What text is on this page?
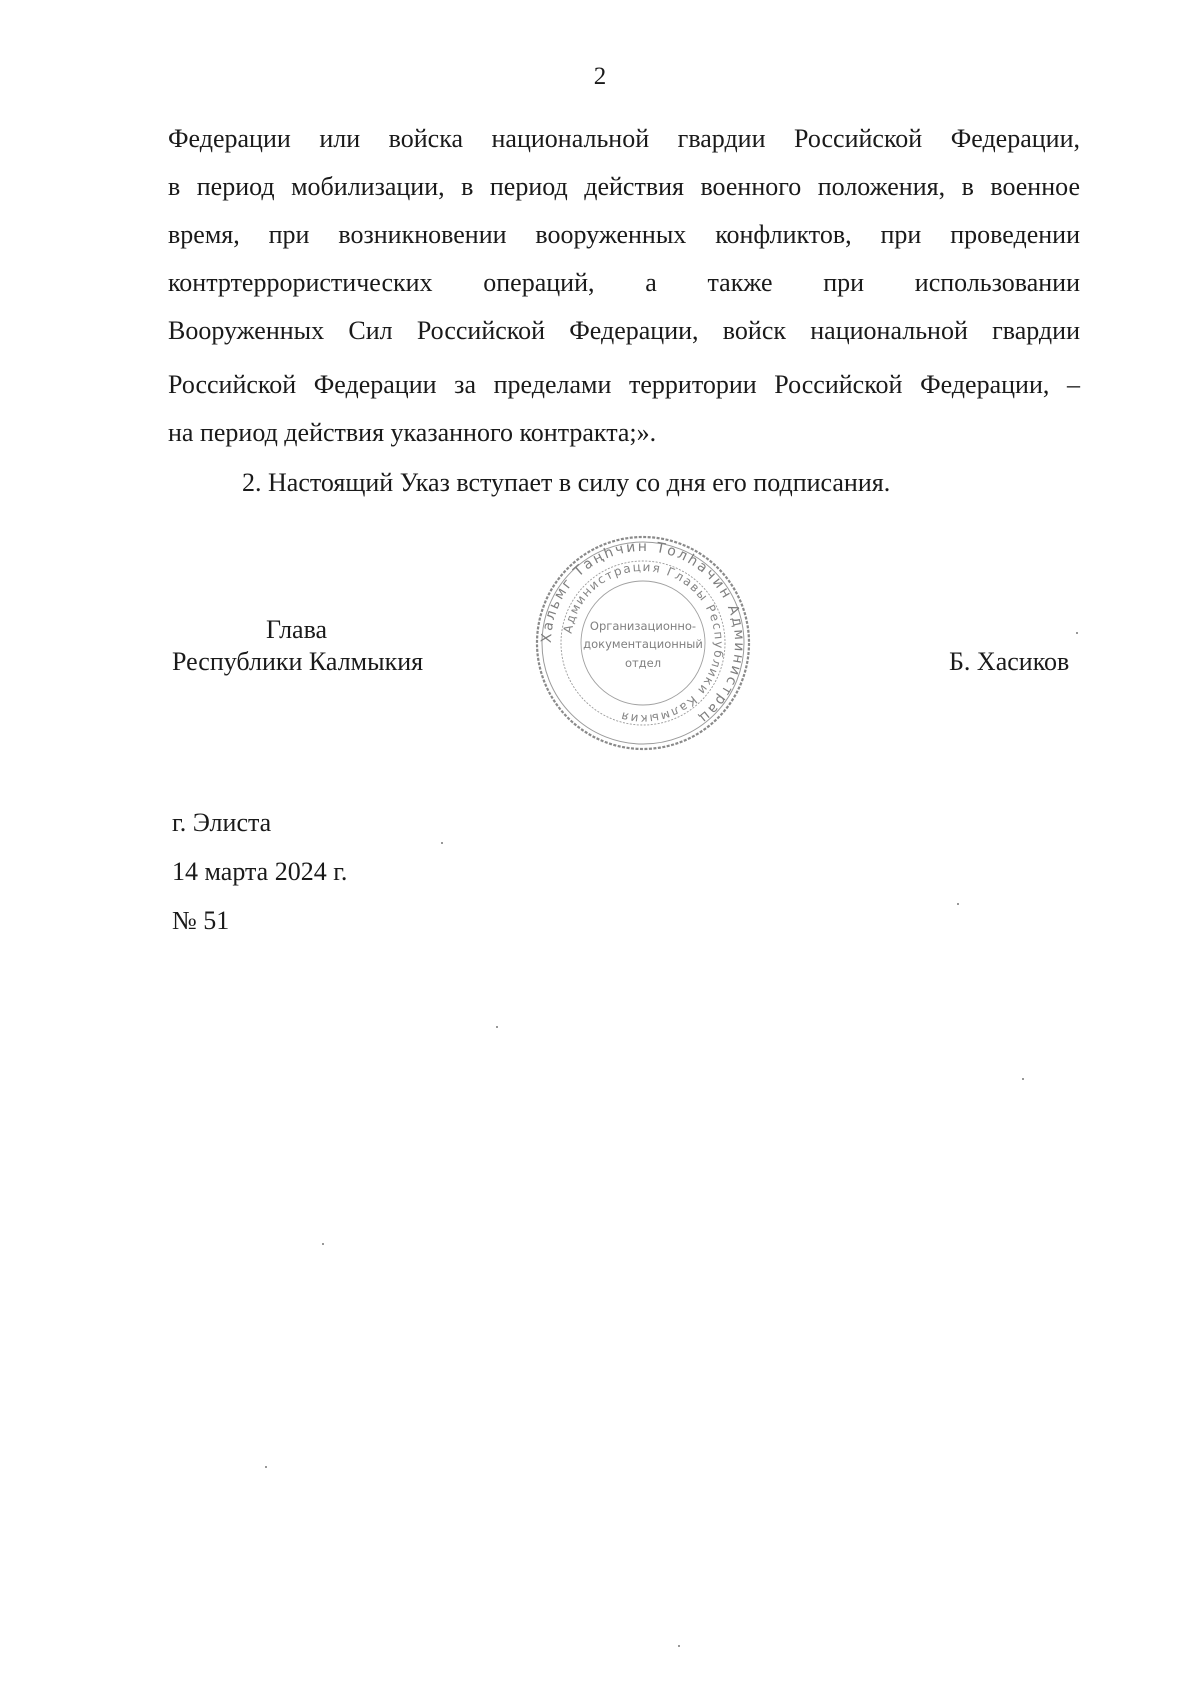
2
Федерации или войска национальной гвардии Российской Федерации,
в период мобилизации, в период действия военного положения, в военное
время, при возникновении вооруженных конфликтов, при проведении
контртеррористических операций, а также при использовании
Вооруженных Сил Российской Федерации, войск национальной гвардии
Российской Федерации за пределами территории Российской Федерации, –
на период действия указанного контракта;».
2. Настоящий Указ вступает в силу со дня его подписания.
Глава
Республики Калмыкия	Б. Хасиков
Хальмг Таңһчин Толһачин Администрац
Администрация Главы Республики Калмыкия
Организационно-
документационный
отдел
г. Элиста
14 марта 2024 г.
№ 51
